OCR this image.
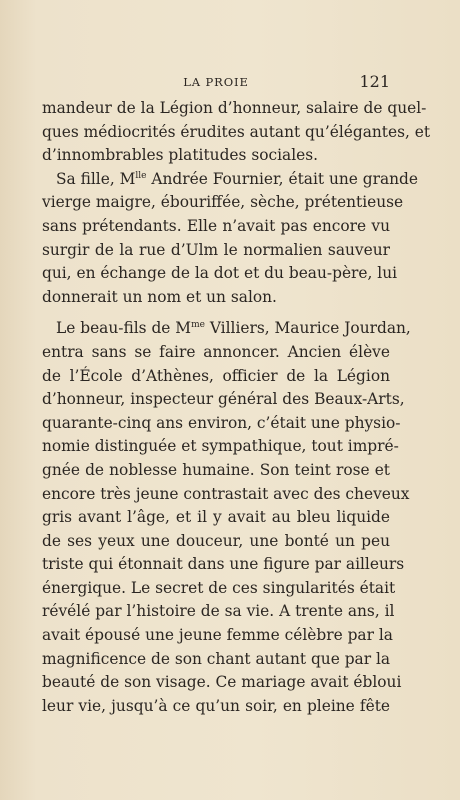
LA PROIE	121
mandeur de la Légion d’honneur, salaire de quel-
ques médiocrités érudites autant qu’élégantes, et
d’innombrables platitudes sociales.
Sa fille, $M^{lle}$ Andrée Fournier, était une grande
vierge maigre, ébouriffée, sèche, prétentieuse
sans prétendants. Elle n’avait pas encore vu
surgir de la rue d’Ulm le normalien sauveur
qui, en échange de la dot et du beau-père, lui
donnerait un nom et un salon.
Le beau-fils de $M^{me}$ Villiers, Maurice Jourdan,
entra sans se faire annoncer. Ancien élève
de l’École d’Athènes, officier de la Légion
d’honneur, inspecteur général des Beaux-Arts,
quarante-cinq ans environ, c’était une physio-
nomie distinguée et sympathique, tout impré-
gnée de noblesse humaine. Son teint rose et
encore très jeune contrastait avec des cheveux
gris avant l’âge, et il y avait au bleu liquide
de ses yeux une douceur, une bonté un peu
triste qui étonnait dans une figure par ailleurs
énergique. Le secret de ces singularités était
révélé par l’histoire de sa vie. A trente ans, il
avait épousé une jeune femme célèbre par la
magnificence de son chant autant que par la
beauté de son visage. Ce mariage avait ébloui
leur vie, jusqu’à ce qu’un soir, en pleine fête
